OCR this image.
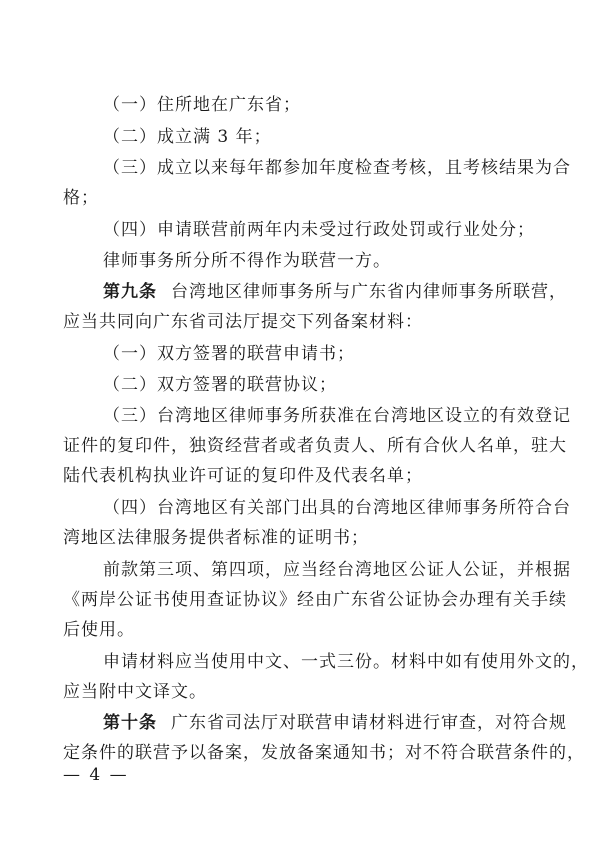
（一）住所地在广东省；
（二）成立满 3 年；
（三）成立以来每年都参加年度检查考核，且考核结果为合
格；
（四）申请联营前两年内未受过行政处罚或行业处分；
律师事务所分所不得作为联营一方。
第九条 台湾地区律师事务所与广东省内律师事务所联营，
应当共同向广东省司法厅提交下列备案材料：
（一）双方签署的联营申请书；
（二）双方签署的联营协议；
（三）台湾地区律师事务所获准在台湾地区设立的有效登记
证件的复印件，独资经营者或者负责人、所有合伙人名单，驻大
陆代表机构执业许可证的复印件及代表名单；
（四）台湾地区有关部门出具的台湾地区律师事务所符合台
湾地区法律服务提供者标准的证明书；
前款第三项、第四项，应当经台湾地区公证人公证，并根据
《两岸公证书使用查证协议》经由广东省公证协会办理有关手续
后使用。
申请材料应当使用中文、一式三份。材料中如有使用外文的，
应当附中文译文。
第十条 广东省司法厅对联营申请材料进行审查，对符合规
定条件的联营予以备案，发放备案通知书；对不符合联营条件的，
— 4 —
